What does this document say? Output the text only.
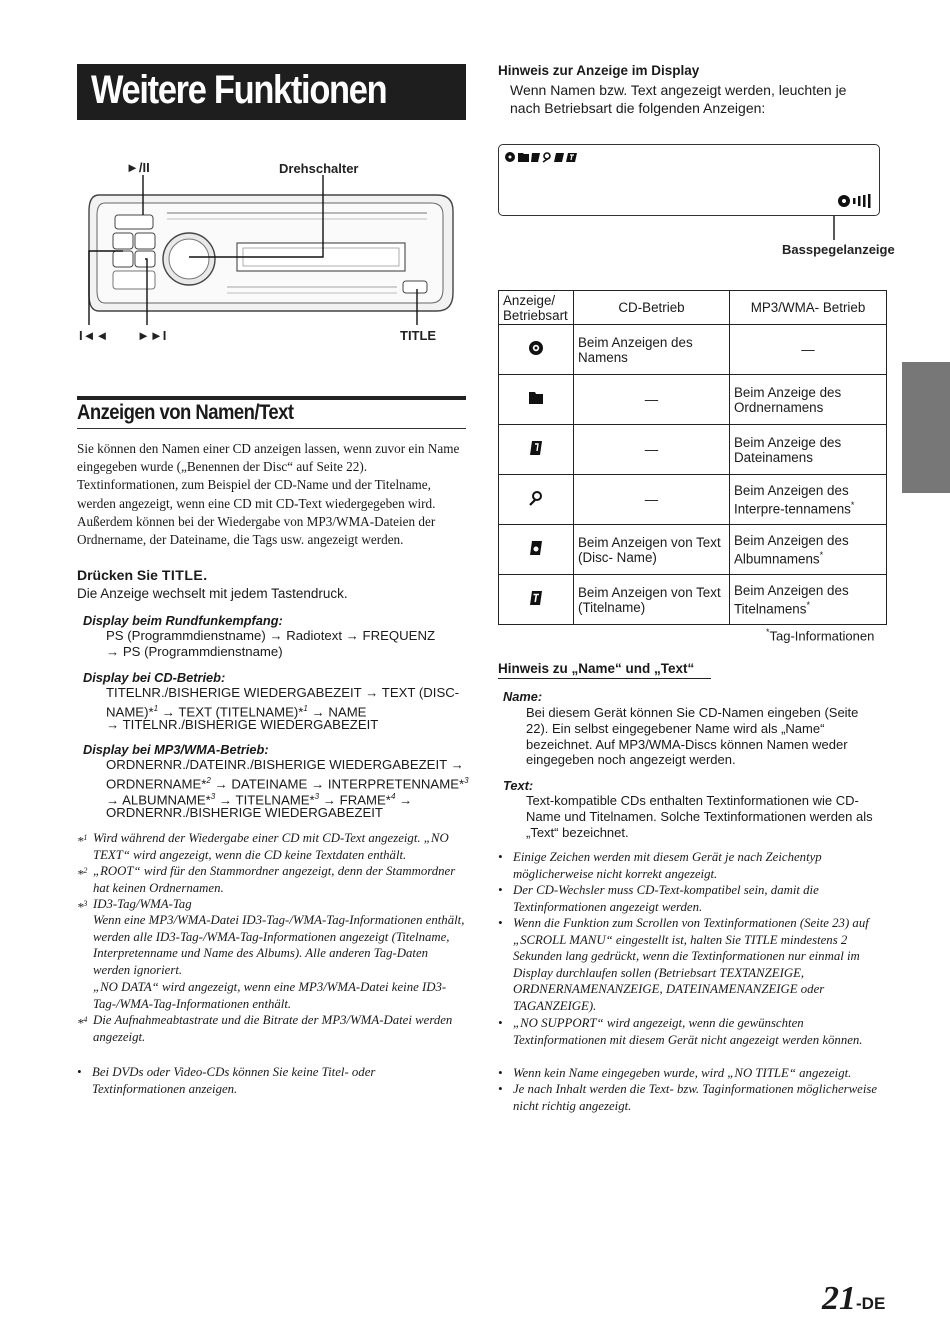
Weitere Funktionen
►/II	Drehschalter
I◄◄ ►►I	TITLE
Anzeigen von Namen/Text
Sie können den Namen einer CD anzeigen lassen, wenn zuvor ein Name eingegeben wurde („Benennen der Disc“ auf Seite 22). Textinformationen, zum Beispiel der CD-Name und der Titelname, werden angezeigt, wenn eine CD mit CD-Text wiedergegeben wird. Außerdem können bei der Wiedergabe von MP3/WMA-Dateien der Ordnername, der Dateiname, die Tags usw. angezeigt werden.
Drücken Sie TITLE.
Die Anzeige wechselt mit jedem Tastendruck.
Display beim Rundfunkempfang:
PS (Programmdienstname) → Radiotext → FREQUENZ
→ PS (Programmdienstname)
Display bei CD-Betrieb:
TITELNR./BISHERIGE WIEDERGABEZEIT → TEXT (DISC-
NAME)*$^1$ → TEXT (TITELNAME)*$^1$ → NAME
→ TITELNR./BISHERIGE WIEDERGABEZEIT
Display bei MP3/WMA-Betrieb:
ORDNERNR./DATEINR./BISHERIGE WIEDERGABEZEIT →
ORDNERNAME*$^2$ → DATEINAME → INTERPRETENNAME*$^3$
→ ALBUMNAME*$^3$ → TITELNAME*$^3$ → FRAME*$^4$ →
ORDNERNR./BISHERIGE WIEDERGABEZEIT
*$^1$ Wird während der Wiedergabe einer CD mit CD-Text angezeigt. „NO TEXT“ wird angezeigt, wenn die CD keine Textdaten enthält.
*$^2$ „ROOT“ wird für den Stammordner angezeigt, denn der Stammordner hat keinen Ordnernamen.
*$^3$ ID3-Tag/WMA-Tag
Wenn eine MP3/WMA-Datei ID3-Tag-/WMA-Tag-Informationen enthält, werden alle ID3-Tag-/WMA-Tag-Informationen angezeigt (Titelname, Interpretenname und Name des Albums). Alle anderen Tag-Daten werden ignoriert.
„NO DATA“ wird angezeigt, wenn eine MP3/WMA-Datei keine ID3-Tag-/WMA-Tag-Informationen enthält.
*$^4$ Die Aufnahmeabtastrate und die Bitrate der MP3/WMA-Datei werden angezeigt.
• Bei DVDs oder Video-CDs können Sie keine Titel- oder Textinformationen anzeigen.
Hinweis zur Anzeige im Display
Wenn Namen bzw. Text angezeigt werden, leuchten je nach Betriebsart die folgenden Anzeigen:
Basspegelanzeige
Anzeige/ Betriebsart	CD-Betrieb	MP3/WMA- Betrieb
	Beim Anzeigen des Namens	—
	—	Beim Anzeige des Ordnernamens
	—	Beim Anzeige des Dateinamens
	—	Beim Anzeigen des Interpre-tennamens*
	Beim Anzeigen von Text (Disc- Name)	Beim Anzeigen des Albumnamens*
	Beim Anzeigen von Text (Titelname)	Beim Anzeigen des Titelnamens*
*Tag-Informationen
Hinweis zu „Name“ und „Text“
Name:
Bei diesem Gerät können Sie CD-Namen eingeben (Seite 22). Ein selbst eingegebener Name wird als „Name“ bezeichnet. Auf MP3/WMA-Discs können Namen weder eingegeben noch angezeigt werden.
Text:
Text-kompatible CDs enthalten Textinformationen wie CD-Name und Titelnamen. Solche Textinformationen werden als „Text“ bezeichnet.
• Einige Zeichen werden mit diesem Gerät je nach Zeichentyp möglicherweise nicht korrekt angezeigt.
• Der CD-Wechsler muss CD-Text-kompatibel sein, damit die Textinformationen angezeigt werden.
• Wenn die Funktion zum Scrollen von Textinformationen (Seite 23) auf „SCROLL MANU“ eingestellt ist, halten Sie TITLE mindestens 2 Sekunden lang gedrückt, wenn die Textinformationen nur einmal im Display durchlaufen sollen (Betriebsart TEXTANZEIGE, ORDNERNAMENANZEIGE, DATEINAMENANZEIGE oder TAGANZEIGE).
• „NO SUPPORT“ wird angezeigt, wenn die gewünschten Textinformationen mit diesem Gerät nicht angezeigt werden können.
• Wenn kein Name eingegeben wurde, wird „NO TITLE“ angezeigt.
• Je nach Inhalt werden die Text- bzw. Taginformationen möglicherweise nicht richtig angezeigt.
21-DE
